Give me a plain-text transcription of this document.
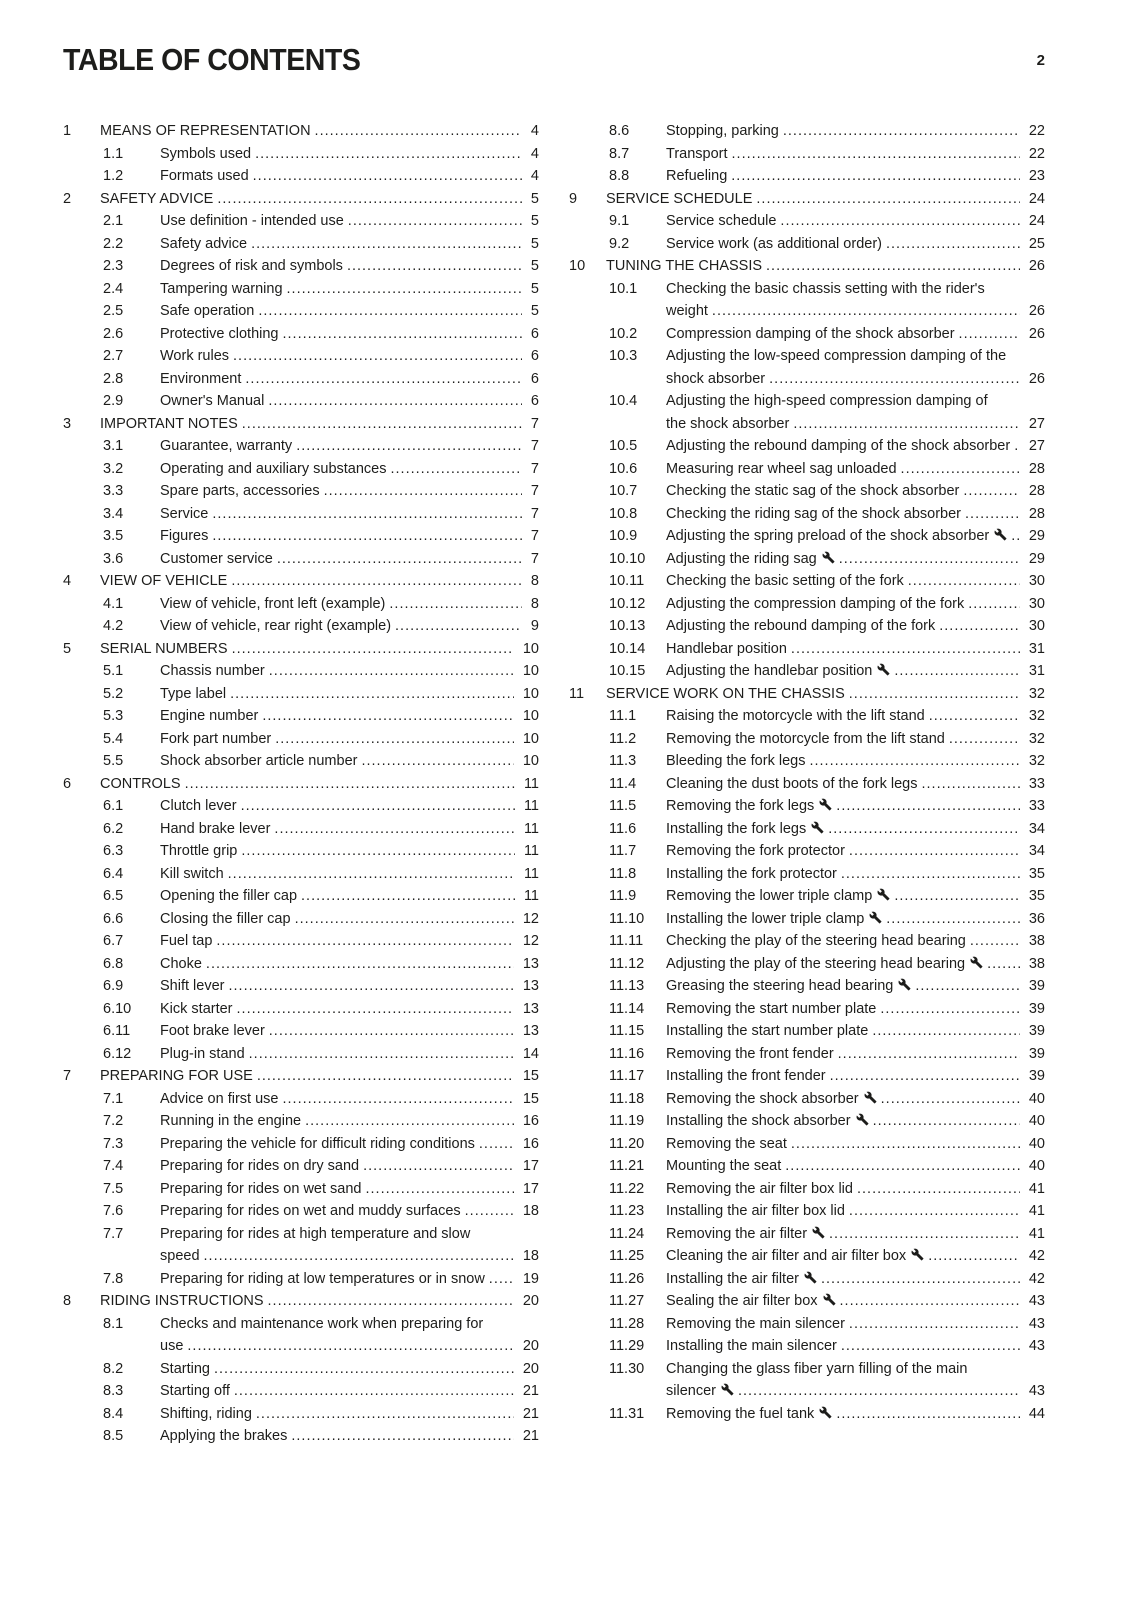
TABLE OF CONTENTS	2
1	MEANS OF REPRESENTATION .....	4
1.1	Symbols used .....	4
1.2	Formats used .....	4
2	SAFETY ADVICE .....	5
2.1	Use definition - intended use .....	5
2.2	Safety advice .....	5
2.3	Degrees of risk and symbols .....	5
2.4	Tampering warning .....	5
2.5	Safe operation .....	5
2.6	Protective clothing .....	6
2.7	Work rules .....	6
2.8	Environment .....	6
2.9	Owner's Manual .....	6
3	IMPORTANT NOTES .....	7
3.1	Guarantee, warranty .....	7
3.2	Operating and auxiliary substances .....	7
3.3	Spare parts, accessories .....	7
3.4	Service .....	7
3.5	Figures .....	7
3.6	Customer service .....	7
4	VIEW OF VEHICLE .....	8
4.1	View of vehicle, front left (example) .....	8
4.2	View of vehicle, rear right (example) .....	9
5	SERIAL NUMBERS .....	10
5.1	Chassis number .....	10
5.2	Type label .....	10
5.3	Engine number .....	10
5.4	Fork part number .....	10
5.5	Shock absorber article number .....	10
6	CONTROLS .....	11
6.1	Clutch lever .....	11
6.2	Hand brake lever .....	11
6.3	Throttle grip .....	11
6.4	Kill switch .....	11
6.5	Opening the filler cap .....	11
6.6	Closing the filler cap .....	12
6.7	Fuel tap .....	12
6.8	Choke .....	13
6.9	Shift lever .....	13
6.10	Kick starter .....	13
6.11	Foot brake lever .....	13
6.12	Plug-in stand .....	14
7	PREPARING FOR USE .....	15
7.1	Advice on first use .....	15
7.2	Running in the engine .....	16
7.3	Preparing the vehicle for difficult riding conditions .....	16
7.4	Preparing for rides on dry sand .....	17
7.5	Preparing for rides on wet sand .....	17
7.6	Preparing for rides on wet and muddy surfaces .....	18
7.7	Preparing for rides at high temperature and slow speed .....	18
7.8	Preparing for riding at low temperatures or in snow .....	19
8	RIDING INSTRUCTIONS .....	20
8.1	Checks and maintenance work when preparing for use .....	20
8.2	Starting .....	20
8.3	Starting off .....	21
8.4	Shifting, riding .....	21
8.5	Applying the brakes .....	21
8.6	Stopping, parking .....	22
8.7	Transport .....	22
8.8	Refueling .....	23
9	SERVICE SCHEDULE .....	24
9.1	Service schedule .....	24
9.2	Service work (as additional order) .....	25
10	TUNING THE CHASSIS .....	26
10.1	Checking the basic chassis setting with the rider's weight .....	26
10.2	Compression damping of the shock absorber .....	26
10.3	Adjusting the low-speed compression damping of the shock absorber .....	26
10.4	Adjusting the high-speed compression damping of the shock absorber .....	27
10.5	Adjusting the rebound damping of the shock absorber .....	27
10.6	Measuring rear wheel sag unloaded .....	28
10.7	Checking the static sag of the shock absorber .....	28
10.8	Checking the riding sag of the shock absorber .....	28
10.9	Adjusting the spring preload of the shock absorber .....	29
10.10	Adjusting the riding sag .....	29
10.11	Checking the basic setting of the fork .....	30
10.12	Adjusting the compression damping of the fork .....	30
10.13	Adjusting the rebound damping of the fork .....	30
10.14	Handlebar position .....	31
10.15	Adjusting the handlebar position .....	31
11	SERVICE WORK ON THE CHASSIS .....	32
11.1	Raising the motorcycle with the lift stand .....	32
11.2	Removing the motorcycle from the lift stand .....	32
11.3	Bleeding the fork legs .....	32
11.4	Cleaning the dust boots of the fork legs .....	33
11.5	Removing the fork legs .....	33
11.6	Installing the fork legs .....	34
11.7	Removing the fork protector .....	34
11.8	Installing the fork protector .....	35
11.9	Removing the lower triple clamp .....	35
11.10	Installing the lower triple clamp .....	36
11.11	Checking the play of the steering head bearing .....	38
11.12	Adjusting the play of the steering head bearing .....	38
11.13	Greasing the steering head bearing .....	39
11.14	Removing the start number plate .....	39
11.15	Installing the start number plate .....	39
11.16	Removing the front fender .....	39
11.17	Installing the front fender .....	39
11.18	Removing the shock absorber .....	40
11.19	Installing the shock absorber .....	40
11.20	Removing the seat .....	40
11.21	Mounting the seat .....	40
11.22	Removing the air filter box lid .....	41
11.23	Installing the air filter box lid .....	41
11.24	Removing the air filter .....	41
11.25	Cleaning the air filter and air filter box .....	42
11.26	Installing the air filter .....	42
11.27	Sealing the air filter box .....	43
11.28	Removing the main silencer .....	43
11.29	Installing the main silencer .....	43
11.30	Changing the glass fiber yarn filling of the main silencer .....	43
11.31	Removing the fuel tank .....	44
